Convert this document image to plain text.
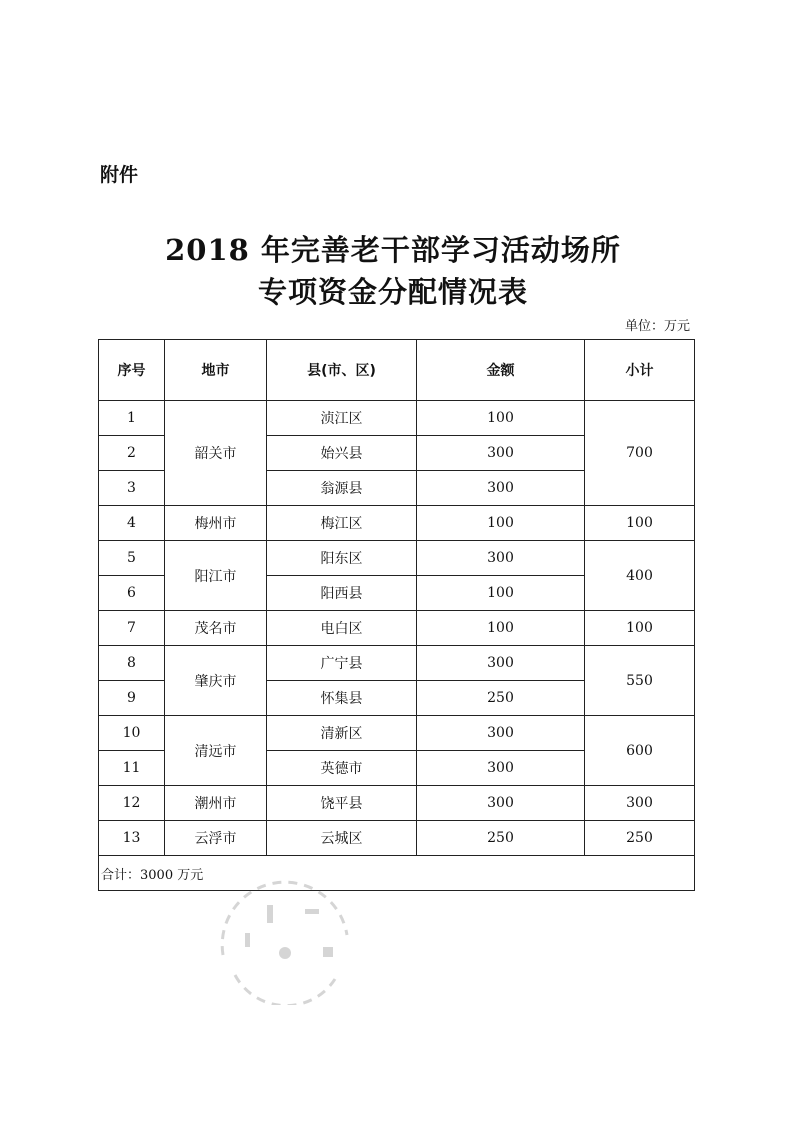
附件
2018 年完善老干部学习活动场所
专项资金分配情况表
单位：万元
序号	地市	县(市、区)	金额	小计
1	韶关市	浈江区	100	700
2		始兴县	300	
3		翁源县	300	
4	梅州市	梅江区	100	100
5	阳江市	阳东区	300	400
6		阳西县	100	
7	茂名市	电白区	100	100
8	肇庆市	广宁县	300	550
9		怀集县	250	
10	清远市	清新区	300	600
11		英德市	300	
12	潮州市	饶平县	300	300
13	云浮市	云城区	250	250
合计：3000 万元				
